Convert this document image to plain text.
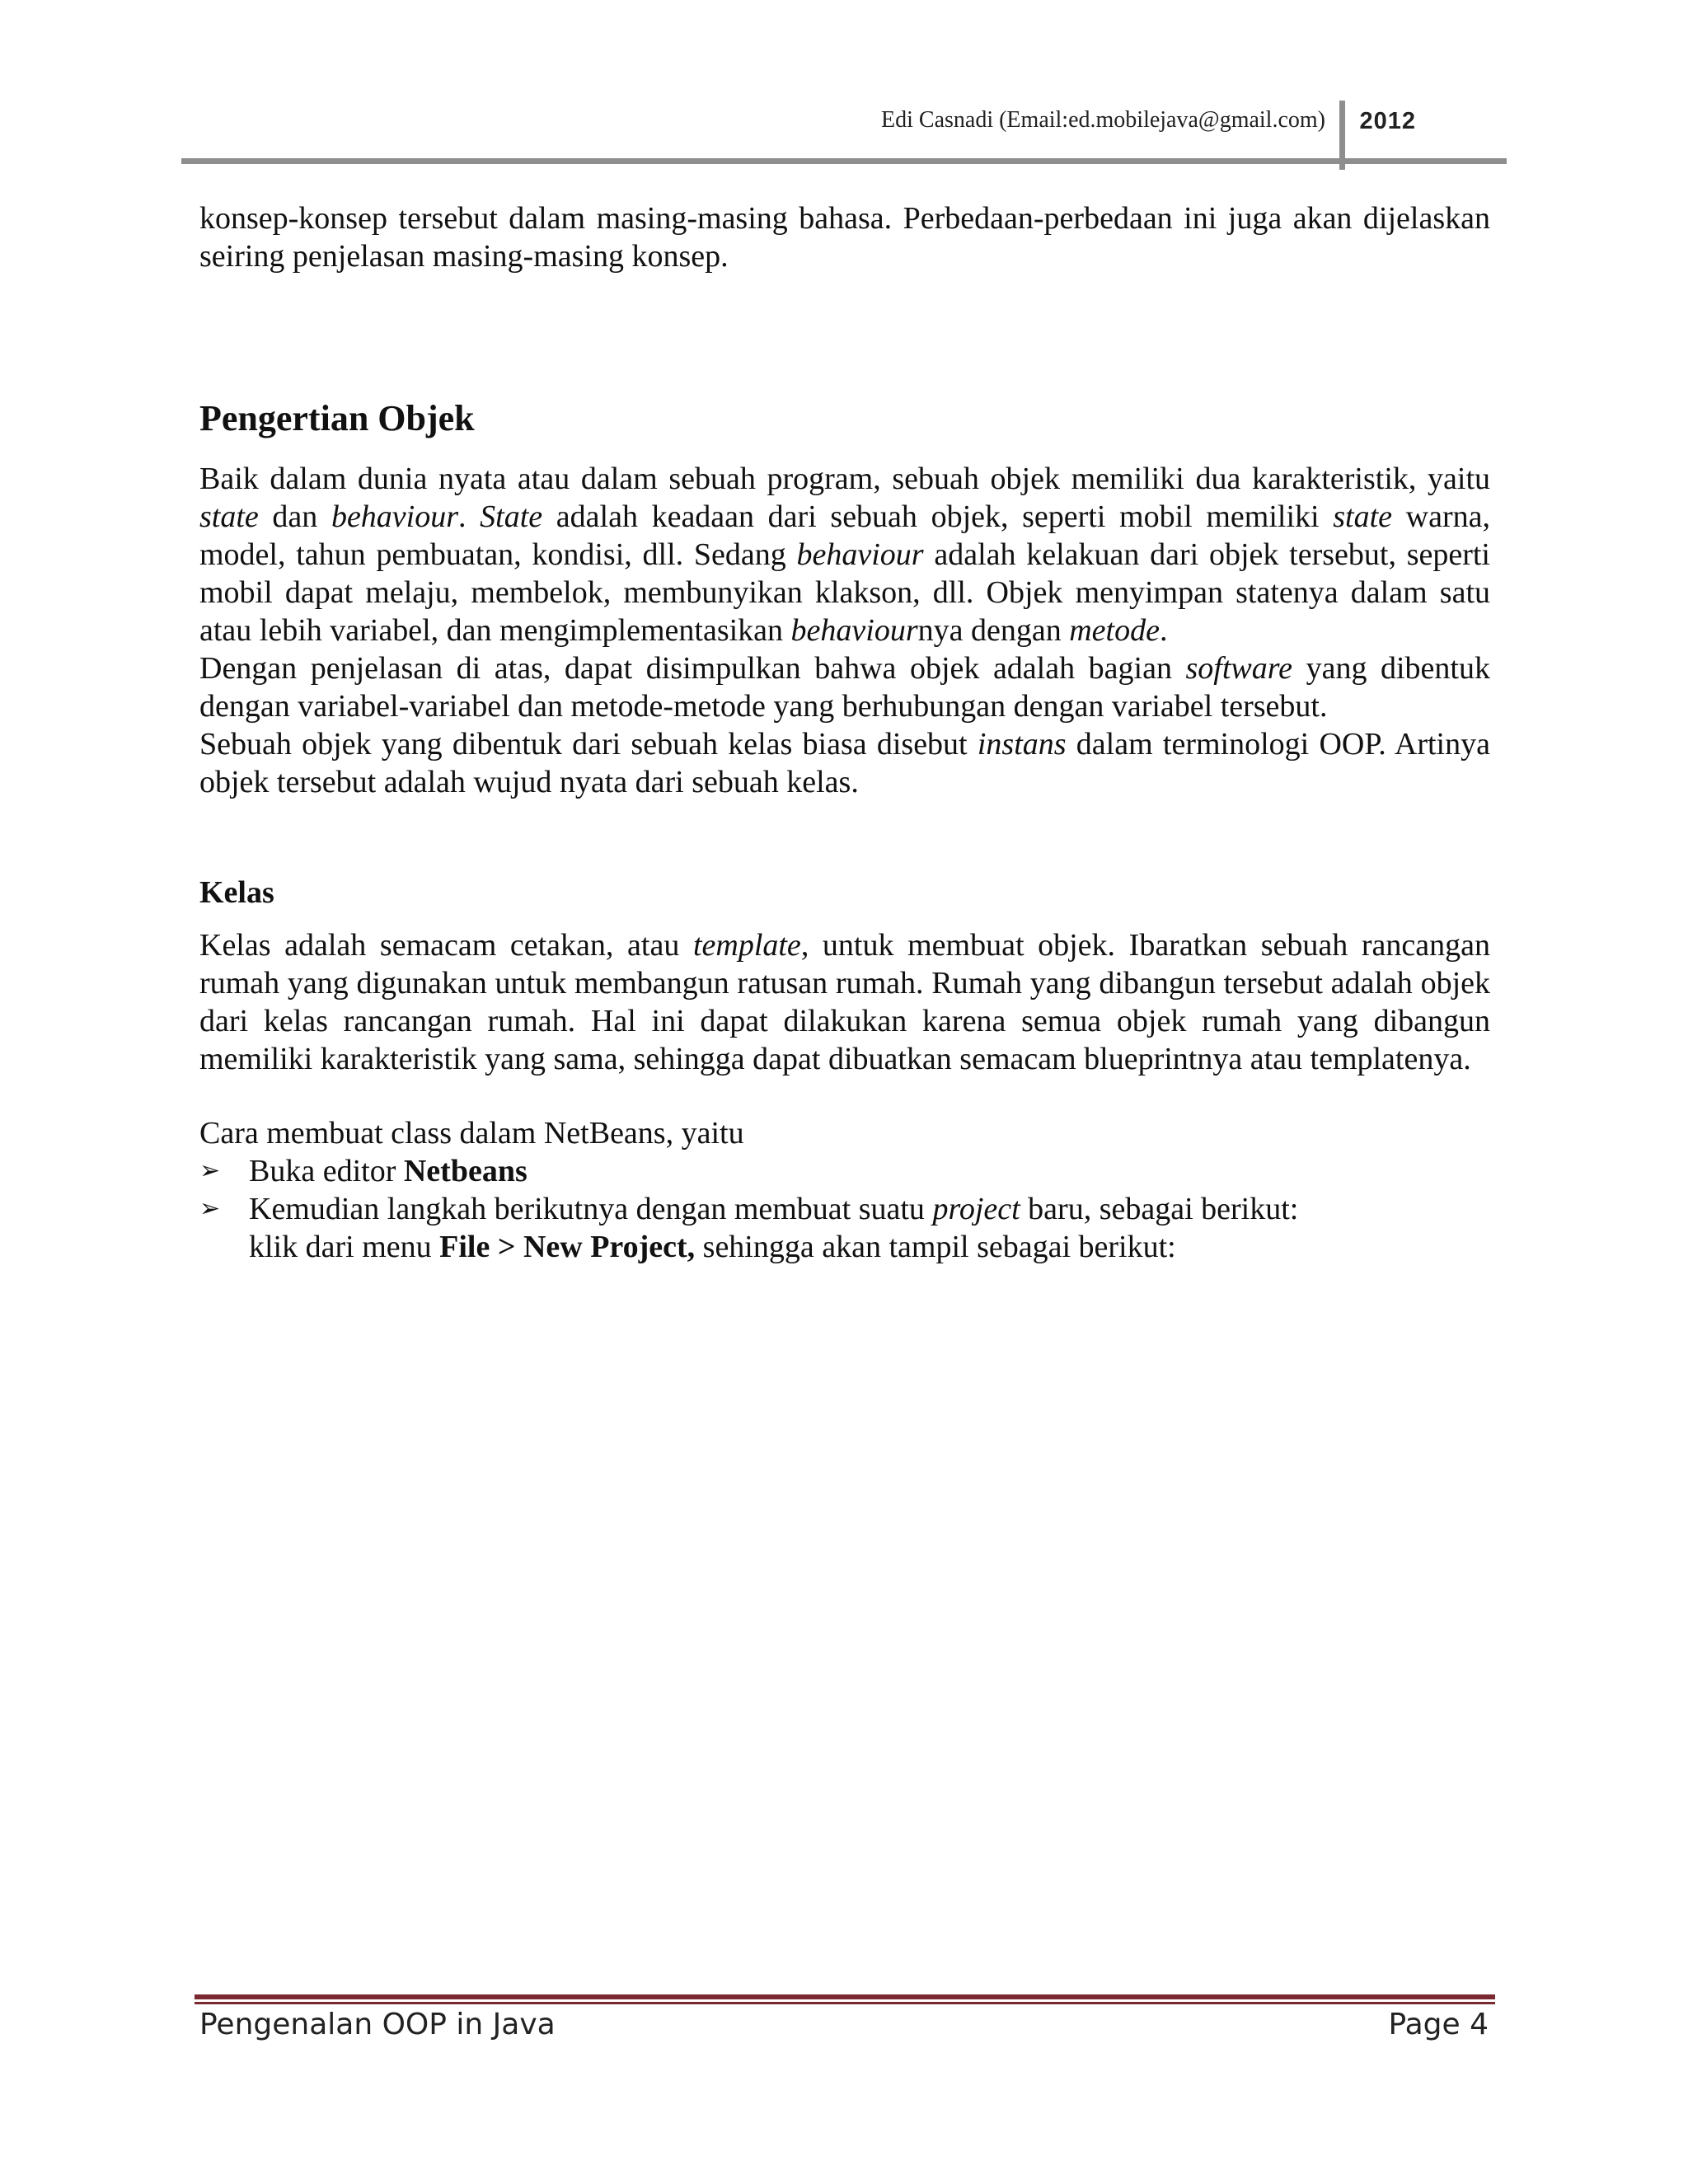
Edi Casnadi (Email:ed.mobilejava@gmail.com) 2012

konsep-konsep tersebut dalam masing-masing bahasa. Perbedaan-perbedaan ini juga akan dijelaskan seiring penjelasan masing-masing konsep.

Pengertian Objek

Baik dalam dunia nyata atau dalam sebuah program, sebuah objek memiliki dua karakteristik, yaitu state dan behaviour. State adalah keadaan dari sebuah objek, seperti mobil memiliki state warna, model, tahun pembuatan, kondisi, dll. Sedang behaviour adalah kelakuan dari objek tersebut, seperti mobil dapat melaju, membelok, membunyikan klakson, dll. Objek menyimpan statenya dalam satu atau lebih variabel, dan mengimplementasikan behaviournya dengan metode.

Dengan penjelasan di atas, dapat disimpulkan bahwa objek adalah bagian software yang dibentuk dengan variabel-variabel dan metode-metode yang berhubungan dengan variabel tersebut.

Sebuah objek yang dibentuk dari sebuah kelas biasa disebut instans dalam terminologi OOP. Artinya objek tersebut adalah wujud nyata dari sebuah kelas.

Kelas

Kelas adalah semacam cetakan, atau template, untuk membuat objek. Ibaratkan sebuah rancangan rumah yang digunakan untuk membangun ratusan rumah. Rumah yang dibangun tersebut adalah objek dari kelas rancangan rumah. Hal ini dapat dilakukan karena semua objek rumah yang dibangun memiliki karakteristik yang sama, sehingga dapat dibuatkan semacam blueprintnya atau templatenya.

Cara membuat class dalam NetBeans, yaitu

➢ Buka editor Netbeans
➢ Kemudian langkah berikutnya dengan membuat suatu project baru, sebagai berikut:
klik dari menu File > New Project, sehingga akan tampil sebagai berikut:
Pengenalan OOP in Java	Page 4
